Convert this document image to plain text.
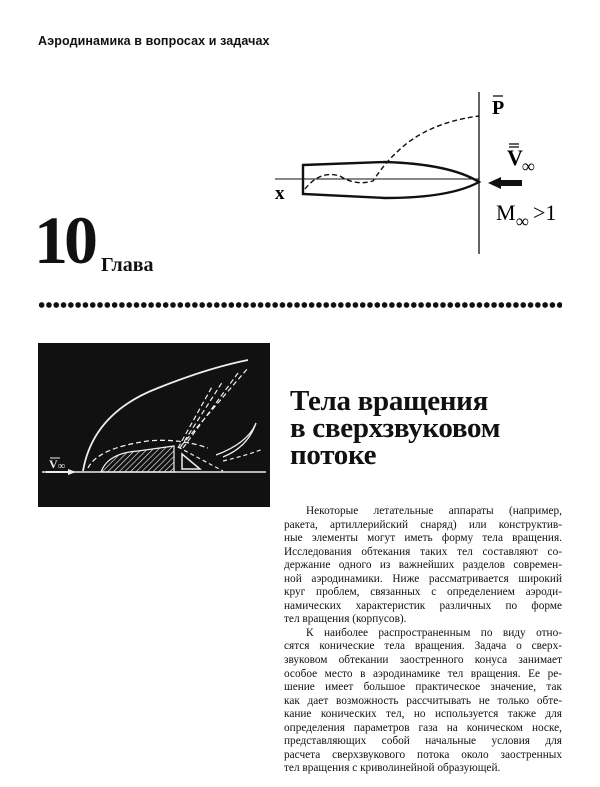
Аэродинамика в вопросах и задачах
P
x
V ∞
M ∞ >1
10 Глава
V ∞
Тела вращения
в сверхзвуковом
потоке
Некоторые летательные аппараты (например,
ракета, артиллерийский снаряд) или конструктив-
ные элементы могут иметь форму тела вращения.
Исследования обтекания таких тел составляют со-
держание одного из важнейших разделов современ-
ной аэродинамики. Ниже рассматривается широкий
круг проблем, связанных с определением аэроди-
намических характеристик различных по форме
тел вращения (корпусов).
К наиболее распространенным по виду отно-
сятся конические тела вращения. Задача о сверх-
звуковом обтекании заостренного конуса занимает
особое место в аэродинамике тел вращения. Ее ре-
шение имеет большое практическое значение, так
как дает возможность рассчитывать не только обте-
кание конических тел, но используется также для
определения параметров газа на коническом носке,
представляющих собой начальные условия для
расчета сверхзвукового потока около заостренных
тел вращения с криволинейной образующей.
